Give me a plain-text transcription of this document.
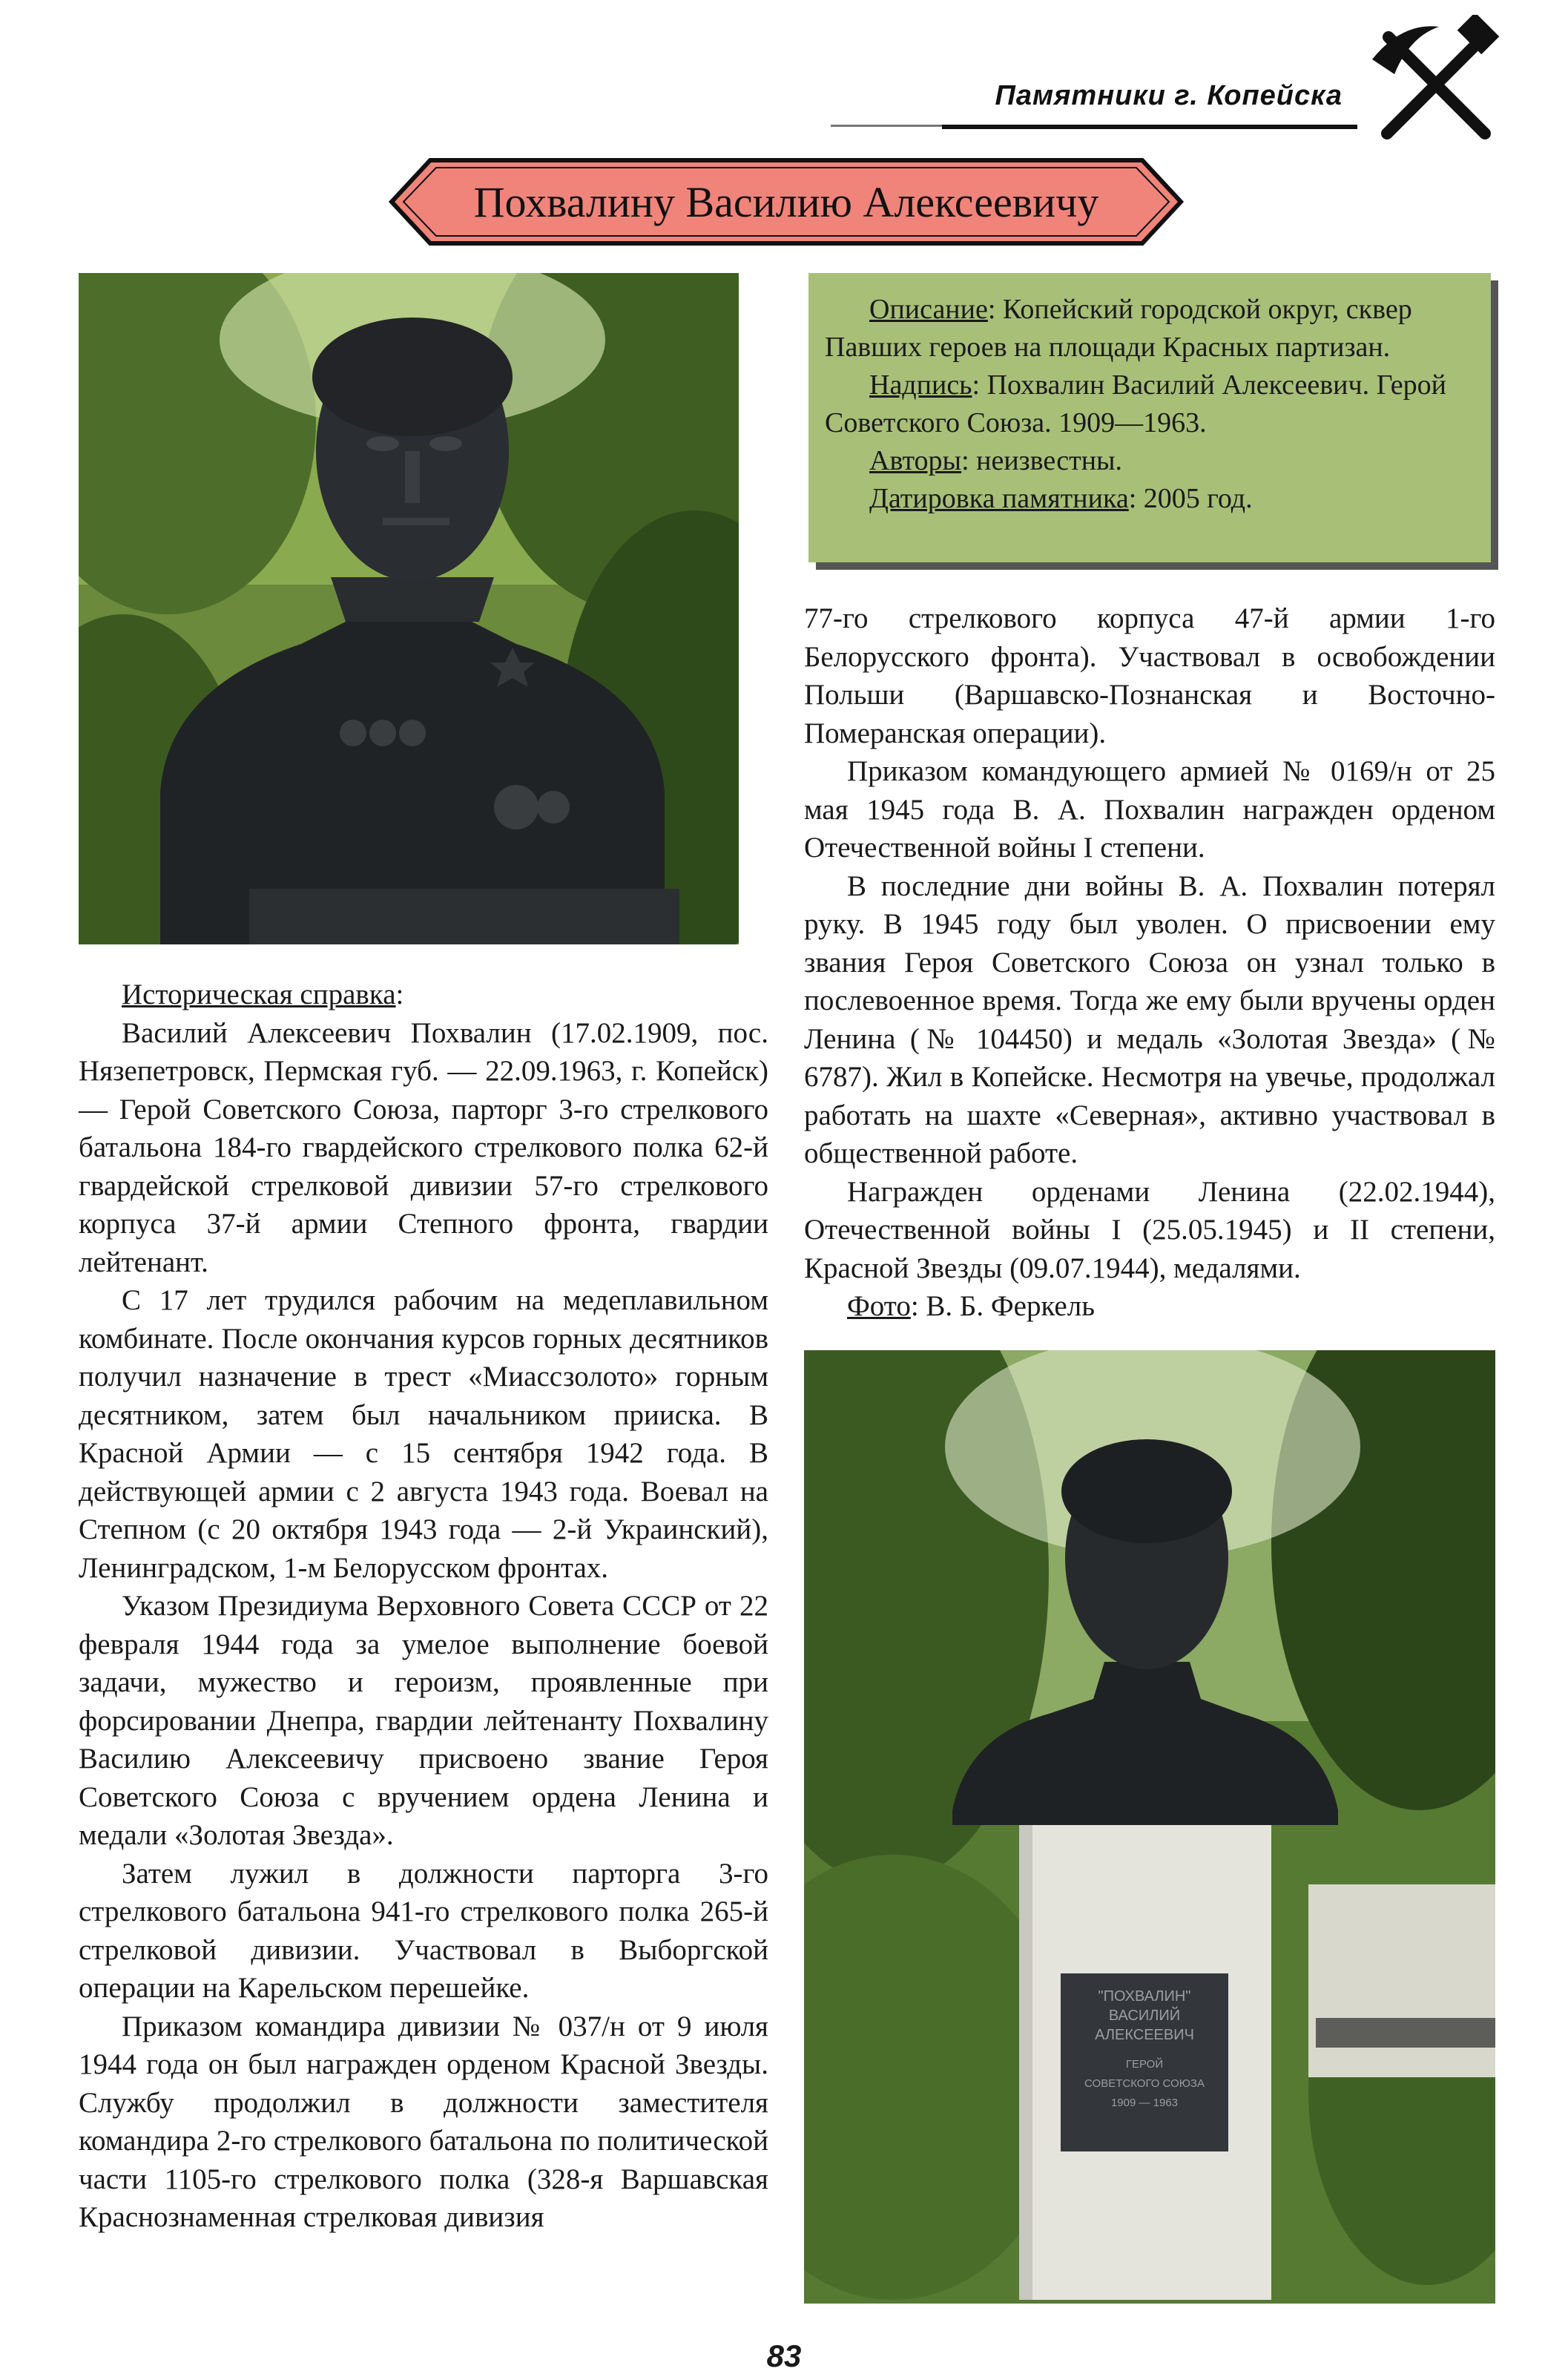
Памятники г. Копейска
Похвалину Василию Алексеевичу

Описание: Копейский городской округ, сквер Павших героев на площади Красных партизан.

Надпись: Похвалин Василий Алексеевич. Герой Советского Союза. 1909—1963.

Авторы: неизвестны.

Датировка памятника: 2005 год.

Историческая справка:

Василий Алексеевич Похвалин (17.02.1909, пос. Нязепетровск, Пермская губ. — 22.09.1963, г. Копейск) — Герой Советского Союза, парторг 3-го стрелкового батальона 184-го гвардейского стрелкового полка 62-й гвардейской стрелковой дивизии 57-го стрелкового корпуса 37-й армии Степного фронта, гвардии лейтенант.

С 17 лет трудился рабочим на медеплавильном комбинате. После окончания курсов горных десятников получил назначение в трест «Миассзолото» горным десятником, затем был начальником прииска. В Красной Армии — с 15 сентября 1942 года. В действующей армии с 2 августа 1943 года. Воевал на Степном (с 20 октября 1943 года — 2-й Украинский), Ленинградском, 1-м Белорусском фронтах.

Указом Президиума Верховного Совета СССР от 22 февраля 1944 года за умелое выполнение боевой задачи, мужество и героизм, проявленные при форсировании Днепра, гвардии лейтенанту Похвалину Василию Алексеевичу присвоено звание Героя Советского Союза с вручением ордена Ленина и медали «Золотая Звезда».

Затем лужил в должности парторга 3-го стрелкового батальона 941-го стрелкового полка 265-й стрелковой дивизии. Участвовал в Выборгской операции на Карельском перешейке.

Приказом командира дивизии № 037/н от 9 июля 1944 года он был награжден орденом Красной Звезды. Службу продолжил в должности заместителя командира 2-го стрелкового батальона по политической части 1105-го стрелкового полка (328-я Варшавская Краснознаменная стрелковая дивизия

77-го стрелкового корпуса 47-й армии 1-го Белорусского фронта). Участвовал в освобождении Польши (Варшавско-Познанская и Восточно-Померанская операции).

Приказом командующего армией № 0169/н от 25 мая 1945 года В. А. Похвалин награжден орденом Отечественной войны I степени.

В последние дни войны В. А. Похвалин потерял руку. В 1945 году был уволен. О присвоении ему звания Героя Советского Союза он узнал только в послевоенное время. Тогда же ему были вручены орден Ленина (№ 104450) и медаль «Золотая Звезда» (№ 6787). Жил в Копейске. Несмотря на увечье, продолжал работать на шахте «Северная», активно участвовал в общественной работе.

Награжден орденами Ленина (22.02.1944), Отечественной войны I (25.05.1945) и II степени, Красной Звезды (09.07.1944), медалями.

Фото: В. Б. Феркель

"ПОХВАЛИН"
ВАСИЛИЙ
АЛЕКСЕЕВИЧ
ГЕРОЙ
СОВЕТСКОГО СОЮЗА
1909 — 1963
83
